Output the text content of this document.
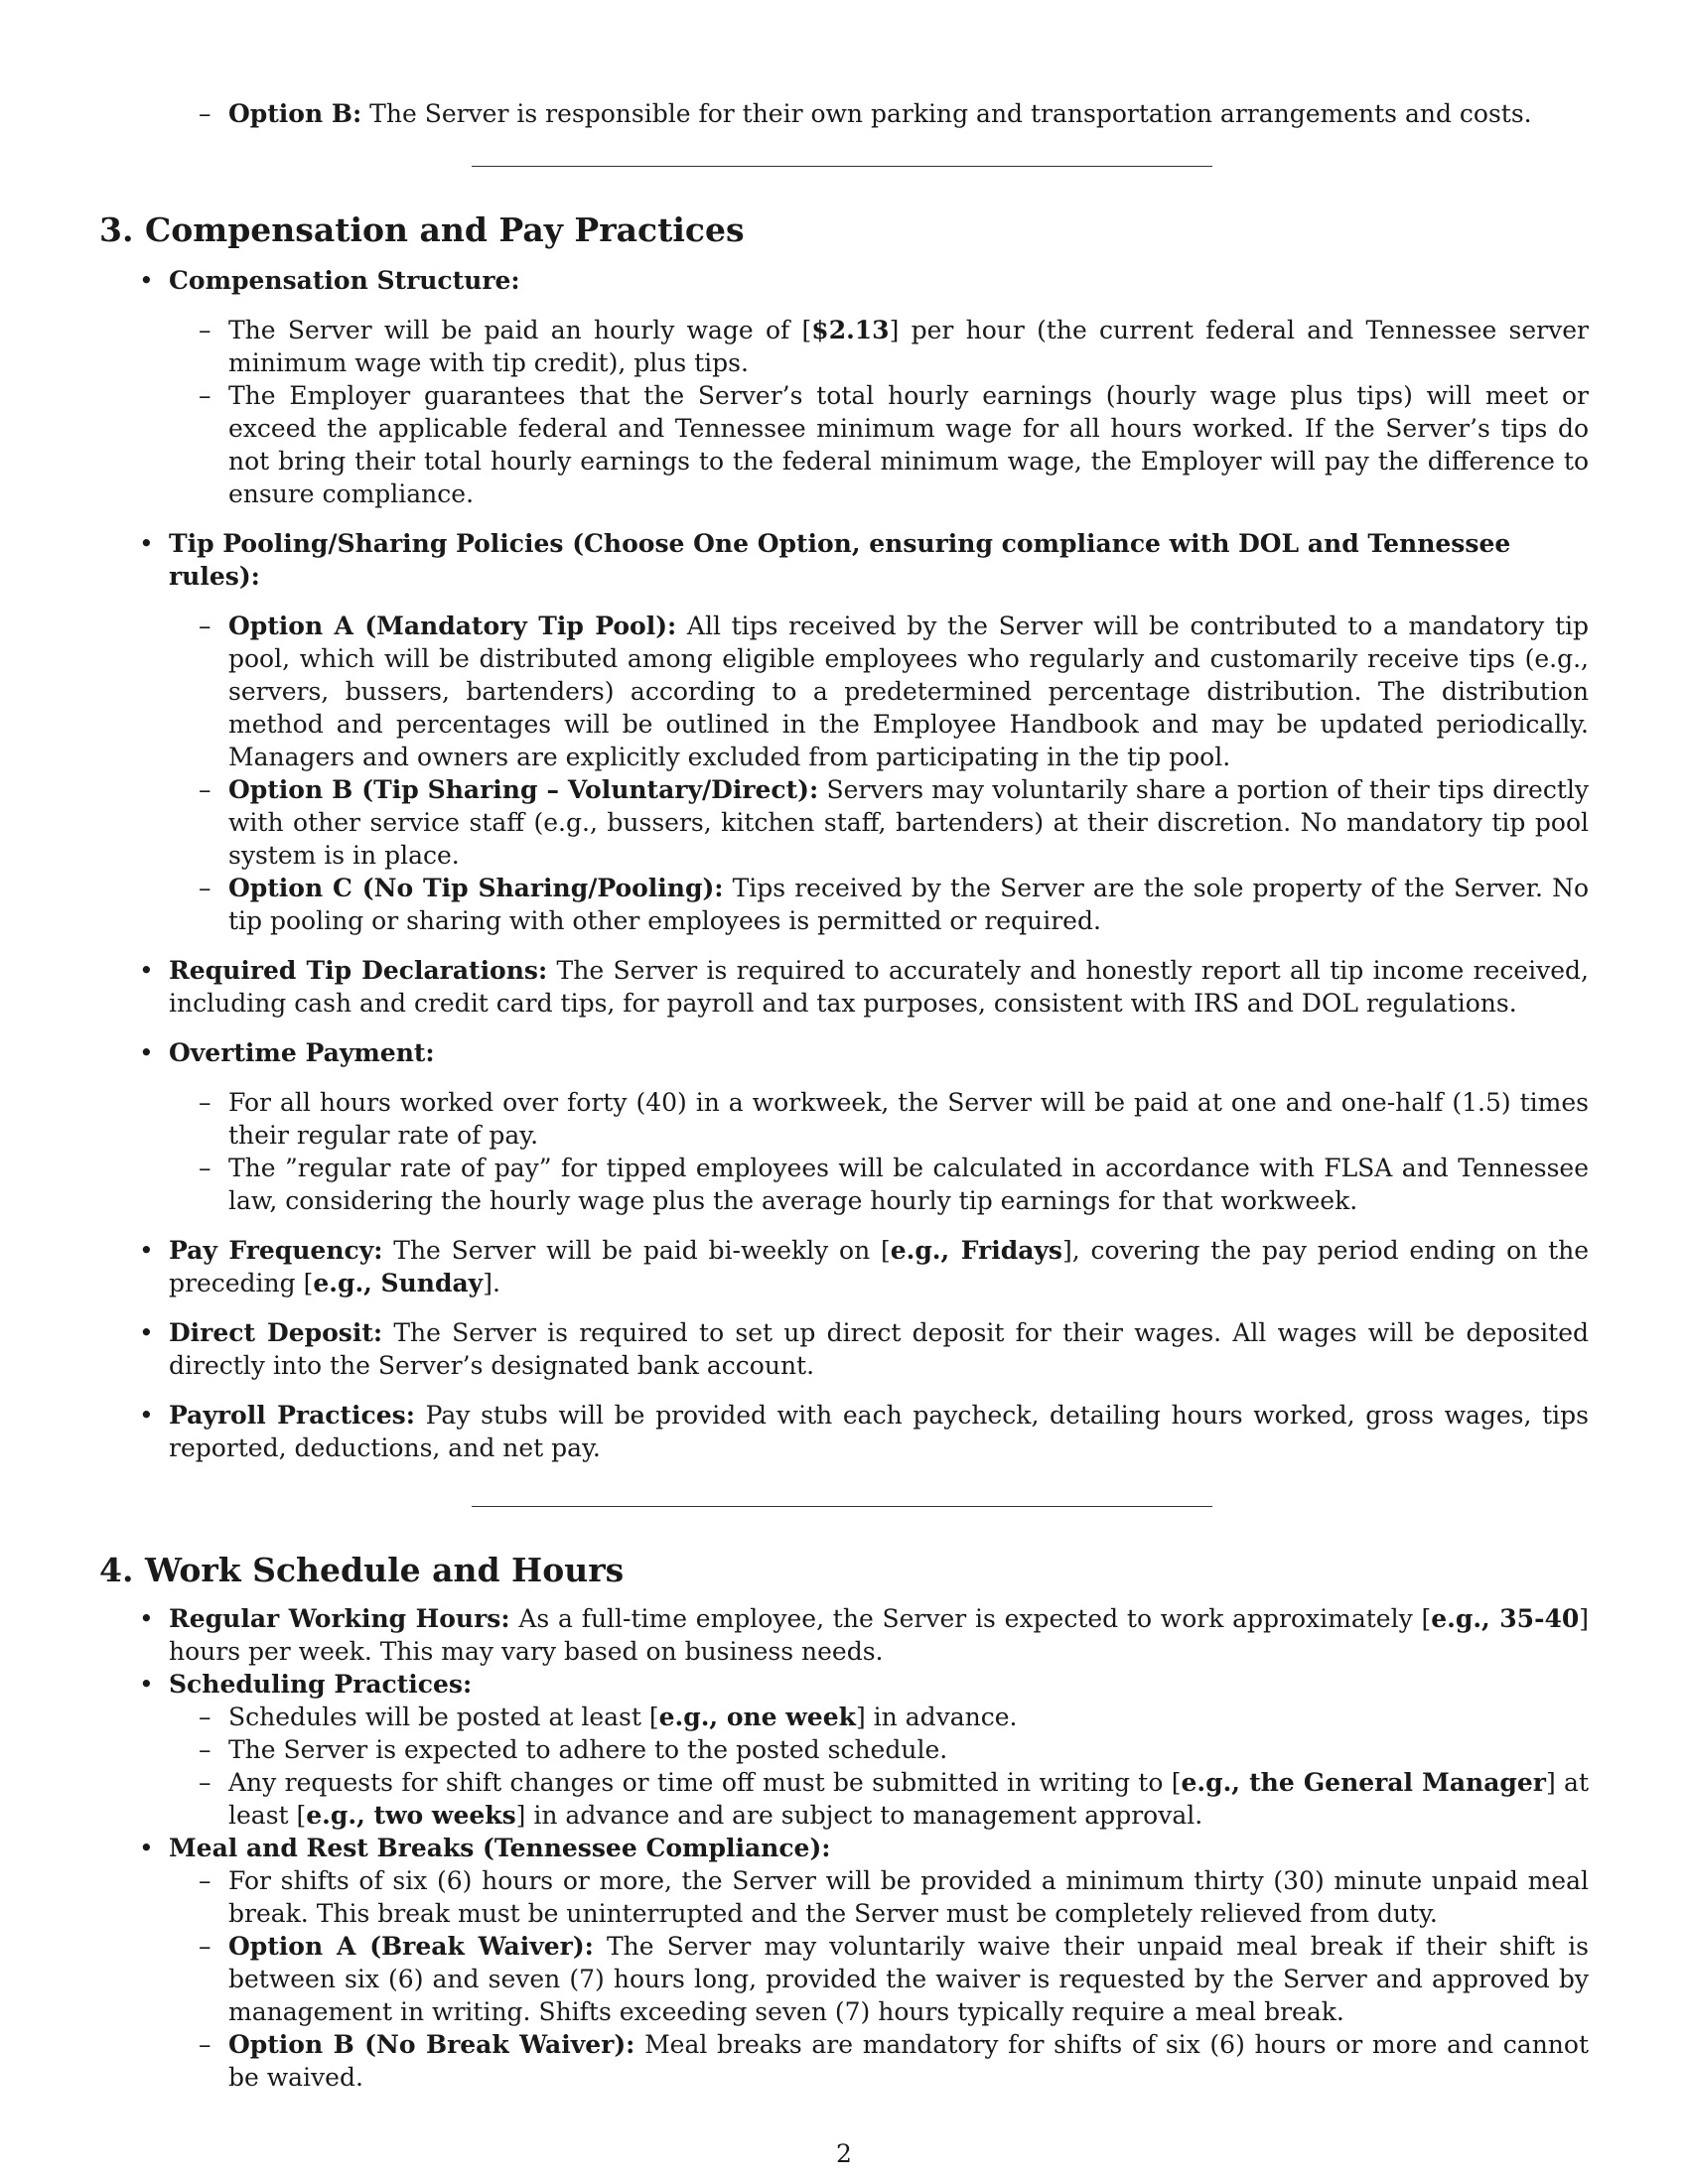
– Option B: The Server is responsible for their own parking and transportation arrangements and costs.

3. Compensation and Pay Practices
• Compensation Structure:
– The Server will be paid an hourly wage of [$2.13] per hour (the current federal and Tennessee server minimum wage with tip credit), plus tips.
– The Employer guarantees that the Server’s total hourly earnings (hourly wage plus tips) will meet or exceed the applicable federal and Tennessee minimum wage for all hours worked. If the Server’s tips do not bring their total hourly earnings to the federal minimum wage, the Employer will pay the difference to ensure compliance.
• Tip Pooling/Sharing Policies (Choose One Option, ensuring compliance with DOL and Tennessee rules):
– Option A (Mandatory Tip Pool): All tips received by the Server will be contributed to a mandatory tip pool, which will be distributed among eligible employees who regularly and customarily receive tips (e.g., servers, bussers, bartenders) according to a predetermined percentage distribution. The distribution method and percentages will be outlined in the Employee Handbook and may be updated periodically. Managers and owners are explicitly excluded from participating in the tip pool.
– Option B (Tip Sharing – Voluntary/Direct): Servers may voluntarily share a portion of their tips directly with other service staff (e.g., bussers, kitchen staff, bartenders) at their discretion. No mandatory tip pool system is in place.
– Option C (No Tip Sharing/Pooling): Tips received by the Server are the sole property of the Server. No tip pooling or sharing with other employees is permitted or required.
• Required Tip Declarations: The Server is required to accurately and honestly report all tip income received, including cash and credit card tips, for payroll and tax purposes, consistent with IRS and DOL regulations.
• Overtime Payment:
– For all hours worked over forty (40) in a workweek, the Server will be paid at one and one-half (1.5) times their regular rate of pay.
– The ”regular rate of pay” for tipped employees will be calculated in accordance with FLSA and Tennessee law, considering the hourly wage plus the average hourly tip earnings for that workweek.
• Pay Frequency: The Server will be paid bi-weekly on [e.g., Fridays], covering the pay period ending on the preceding [e.g., Sunday].
• Direct Deposit: The Server is required to set up direct deposit for their wages. All wages will be deposited directly into the Server’s designated bank account.
• Payroll Practices: Pay stubs will be provided with each paycheck, detailing hours worked, gross wages, tips reported, deductions, and net pay.
4. Work Schedule and Hours
• Regular Working Hours: As a full-time employee, the Server is expected to work approximately [e.g., 35-40] hours per week. This may vary based on business needs.
• Scheduling Practices:
– Schedules will be posted at least [e.g., one week] in advance.
– The Server is expected to adhere to the posted schedule.
– Any requests for shift changes or time off must be submitted in writing to [e.g., the General Manager] at least [e.g., two weeks] in advance and are subject to management approval.
• Meal and Rest Breaks (Tennessee Compliance):
– For shifts of six (6) hours or more, the Server will be provided a minimum thirty (30) minute unpaid meal break. This break must be uninterrupted and the Server must be completely relieved from duty.
– Option A (Break Waiver): The Server may voluntarily waive their unpaid meal break if their shift is between six (6) and seven (7) hours long, provided the waiver is requested by the Server and approved by management in writing. Shifts exceeding seven (7) hours typically require a meal break.
– Option B (No Break Waiver): Meal breaks are mandatory for shifts of six (6) hours or more and cannot be waived.
2
